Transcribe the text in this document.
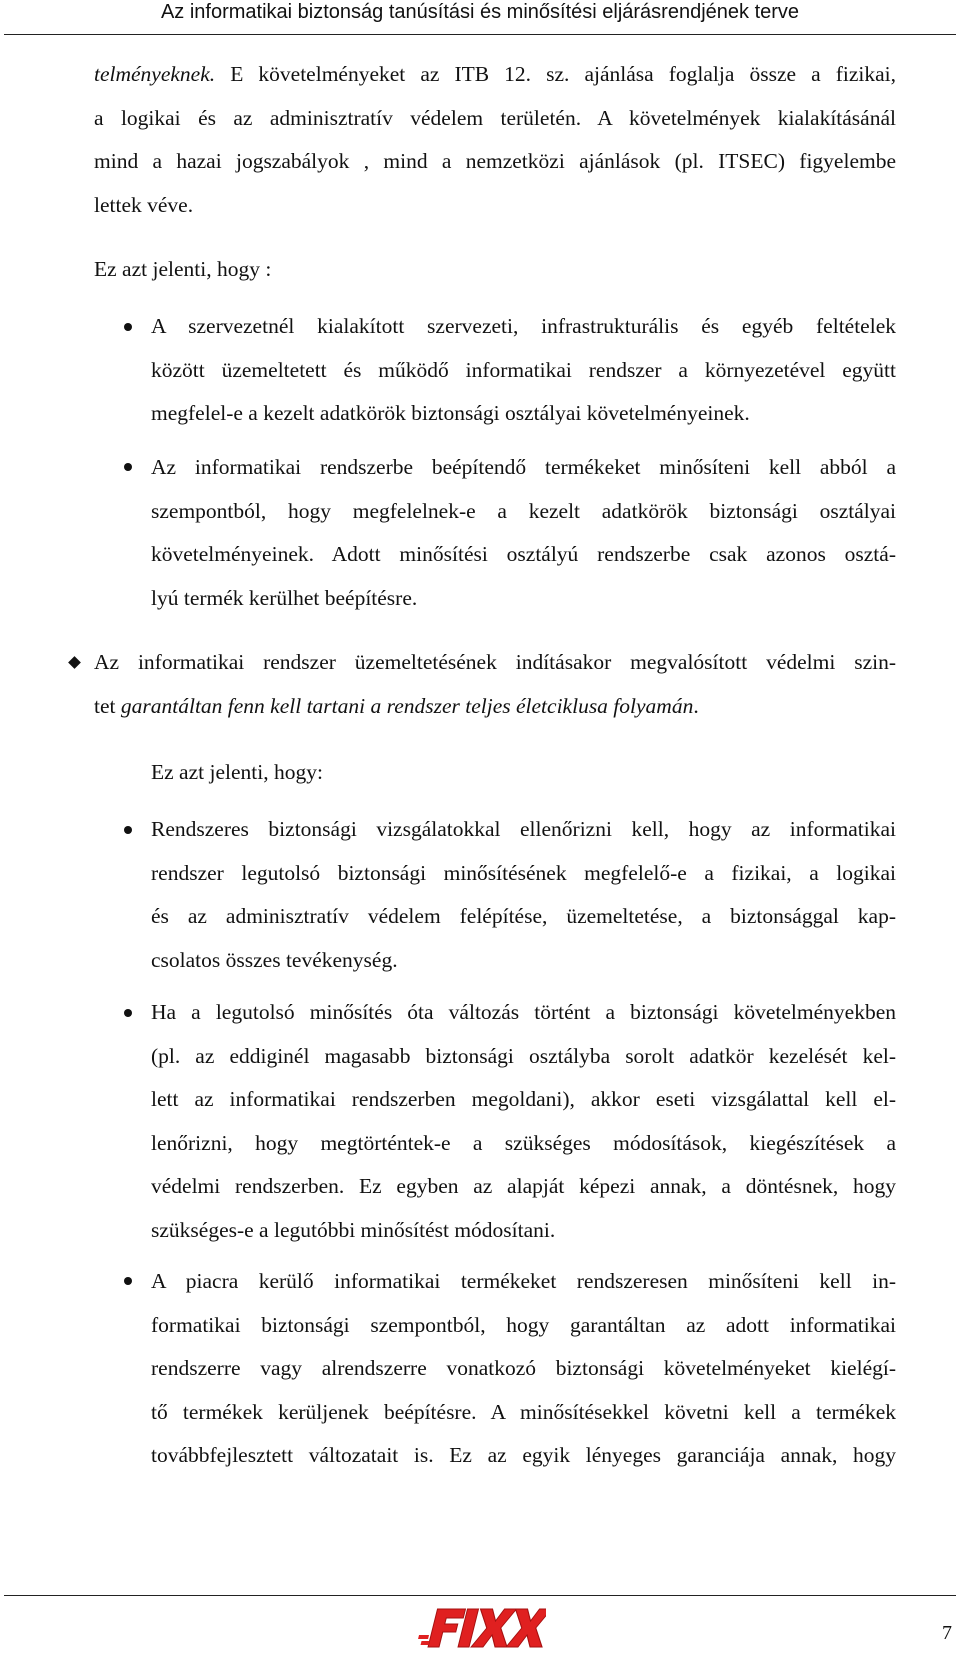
Az informatikai biztonság tanúsítási és minősítési eljárásrendjének terve
telményeknek. E követelményeket az ITB 12. sz. ajánlása foglalja össze a fizikai,
a logikai és az adminisztratív védelem területén. A követelmények kialakításánál
mind a hazai jogszabályok , mind a nemzetközi ajánlások (pl. ITSEC) figyelembe
lettek véve.
Ez azt jelenti, hogy :
A szervezetnél kialakított szervezeti, infrastrukturális és egyéb feltételek
között üzemeltetett és működő informatikai rendszer a környezetével együtt
megfelel-e a kezelt adatkörök biztonsági osztályai követelményeinek.
Az informatikai rendszerbe beépítendő termékeket minősíteni kell abból a
szempontból, hogy megfelelnek-e a kezelt adatkörök biztonsági osztályai
követelményeinek. Adott minősítési osztályú rendszerbe csak azonos osztá-
lyú termék kerülhet beépítésre.
Az informatikai rendszer üzemeltetésének indításakor megvalósított védelmi szin-
tet garantáltan fenn kell tartani a rendszer teljes életciklusa folyamán.
Ez azt jelenti, hogy:
Rendszeres biztonsági vizsgálatokkal ellenőrizni kell, hogy az informatikai
rendszer legutolsó biztonsági minősítésének megfelelő-e a fizikai, a logikai
és az adminisztratív védelem felépítése, üzemeltetése, a biztonsággal kap-
csolatos összes tevékenység.
Ha a legutolsó minősítés óta változás történt a biztonsági követelményekben
(pl. az eddiginél magasabb biztonsági osztályba sorolt adatkör kezelését kel-
lett az informatikai rendszerben megoldani), akkor eseti vizsgálattal kell el-
lenőrizni, hogy megtörténtek-e a szükséges módosítások, kiegészítések a
védelmi rendszerben. Ez egyben az alapját képezi annak, a döntésnek, hogy
szükséges-e a legutóbbi minősítést módosítani.
A piacra kerülő informatikai termékeket rendszeresen minősíteni kell in-
formatikai biztonsági szempontból, hogy garantáltan az adott informatikai
rendszerre vagy alrendszerre vonatkozó biztonsági követelményeket kielégí-
tő termékek kerüljenek beépítésre. A minősítésekkel követni kell a termékek
továbbfejlesztett változatait is. Ez az egyik lényeges garanciája annak, hogy
7
